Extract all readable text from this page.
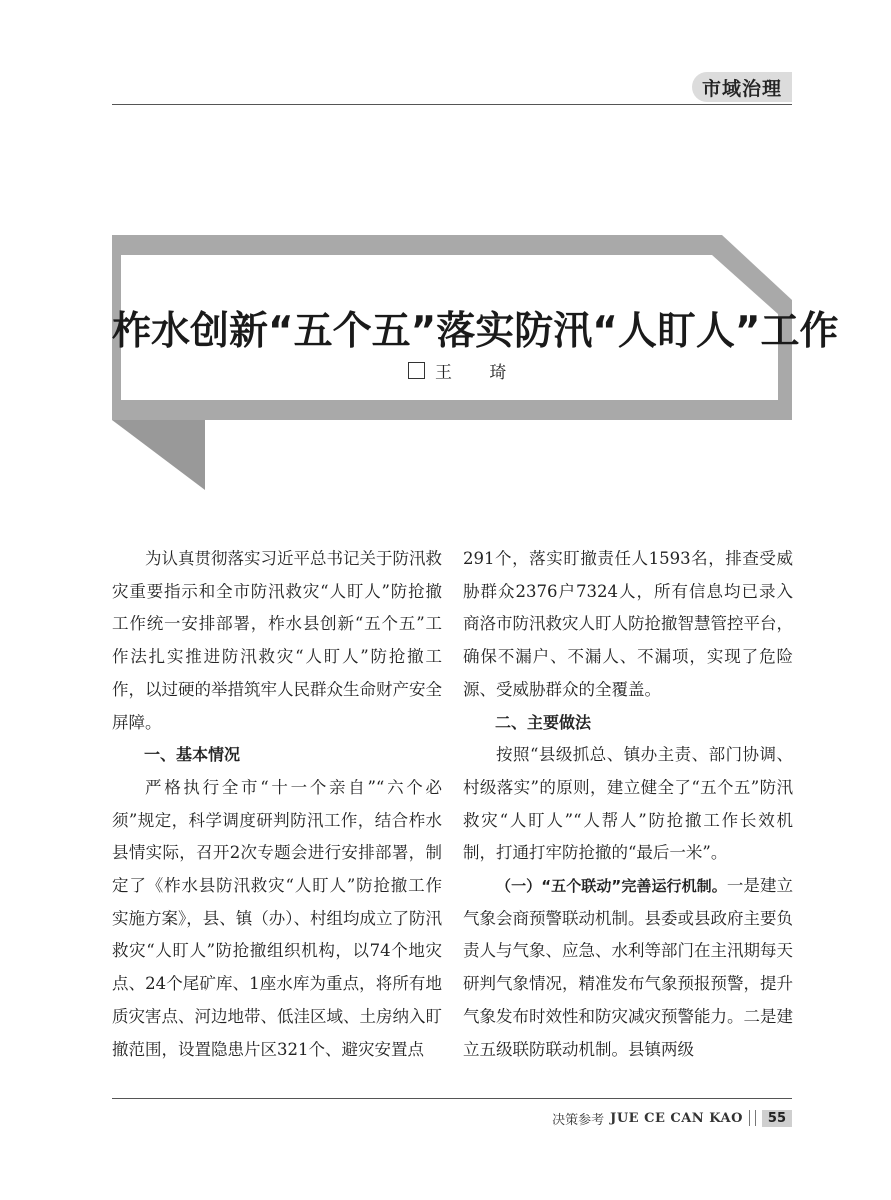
市域治理
柞水创新“五个五”落实防汛“人盯人”工作
王 琦

为认真贯彻落实习近平总书记关于防汛救灾重要指示和全市防汛救灾“人盯人”防抢撤工作统一安排部署，柞水县创新“五个五”工作法扎实推进防汛救灾“人盯人”防抢撤工作，以过硬的举措筑牢人民群众生命财产安全屏障。

一、基本情况

严格执行全市“十一个亲自”“六个必须”规定，科学调度研判防汛工作，结合柞水县情实际，召开2次专题会进行安排部署，制定了《柞水县防汛救灾“人盯人”防抢撤工作实施方案》，县、镇（办）、村组均成立了防汛救灾“人盯人”防抢撤组织机构，以74个地灾点、24个尾矿库、1座水库为重点，将所有地质灾害点、河边地带、低洼区域、土房纳入盯撤范围，设置隐患片区321个、避灾安置点

291个，落实盯撤责任人1593名，排查受威胁群众2376户7324人，所有信息均已录入商洛市防汛救灾人盯人防抢撤智慧管控平台，确保不漏户、不漏人、不漏项，实现了危险源、受威胁群众的全覆盖。

二、主要做法

按照“县级抓总、镇办主责、部门协调、村级落实”的原则，建立健全了“五个五”防汛救灾“人盯人”“人帮人”防抢撤工作长效机制，打通打牢防抢撤的“最后一米”。

（一）“五个联动”完善运行机制。一是建立气象会商预警联动机制。县委或县政府主要负责人与气象、应急、水利等部门在主汛期每天研判气象情况，精准发布气象预报预警，提升气象发布时效性和防灾减灾预警能力。二是建立五级联防联动机制。县镇两级

决策参考 JUE CE CAN KAO	55
